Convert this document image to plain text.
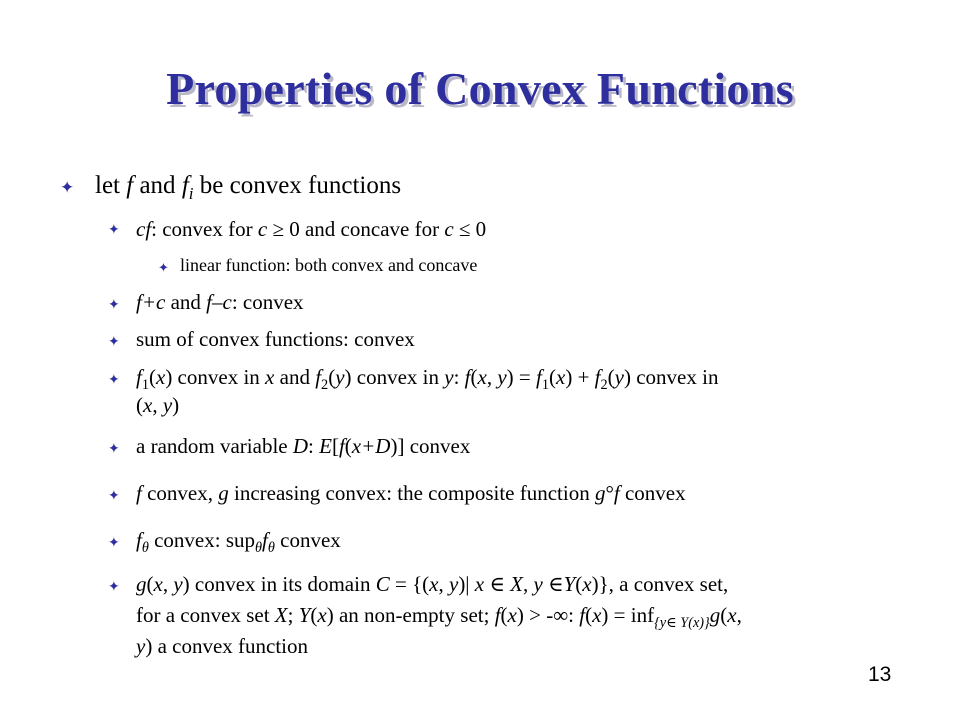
Properties of Convex Functions
✦ let f and $f_i$ be convex functions
✦ cf: convex for c ≥ 0 and concave for c ≤ 0
✦ linear function: both convex and concave
✦ f+c and f–c: convex
✦ sum of convex functions: convex
✦ $f_1(x)$ convex in x and $f_2(y)$ convex in y: f(x, $y) = f_1(x) + f_2(y)$ convex in
(x, y)
✦ a random variable D: E[f(x+D)] convex
✦ f convex, g increasing convex: the composite function g°f convex
✦ $f_\theta$ convex: $sup_\theta f_\theta$ convex
✦ g(x, y) convex in its domain C = {(x, y)| x ∈ X, y ∈Y(x)}, a convex set,
for a convex set X; Y(x) an non-empty set; f(x) > -∞: f(x) = inf$_{\{y\in Y(x)\}}$g(x,
y) a convex function
13
